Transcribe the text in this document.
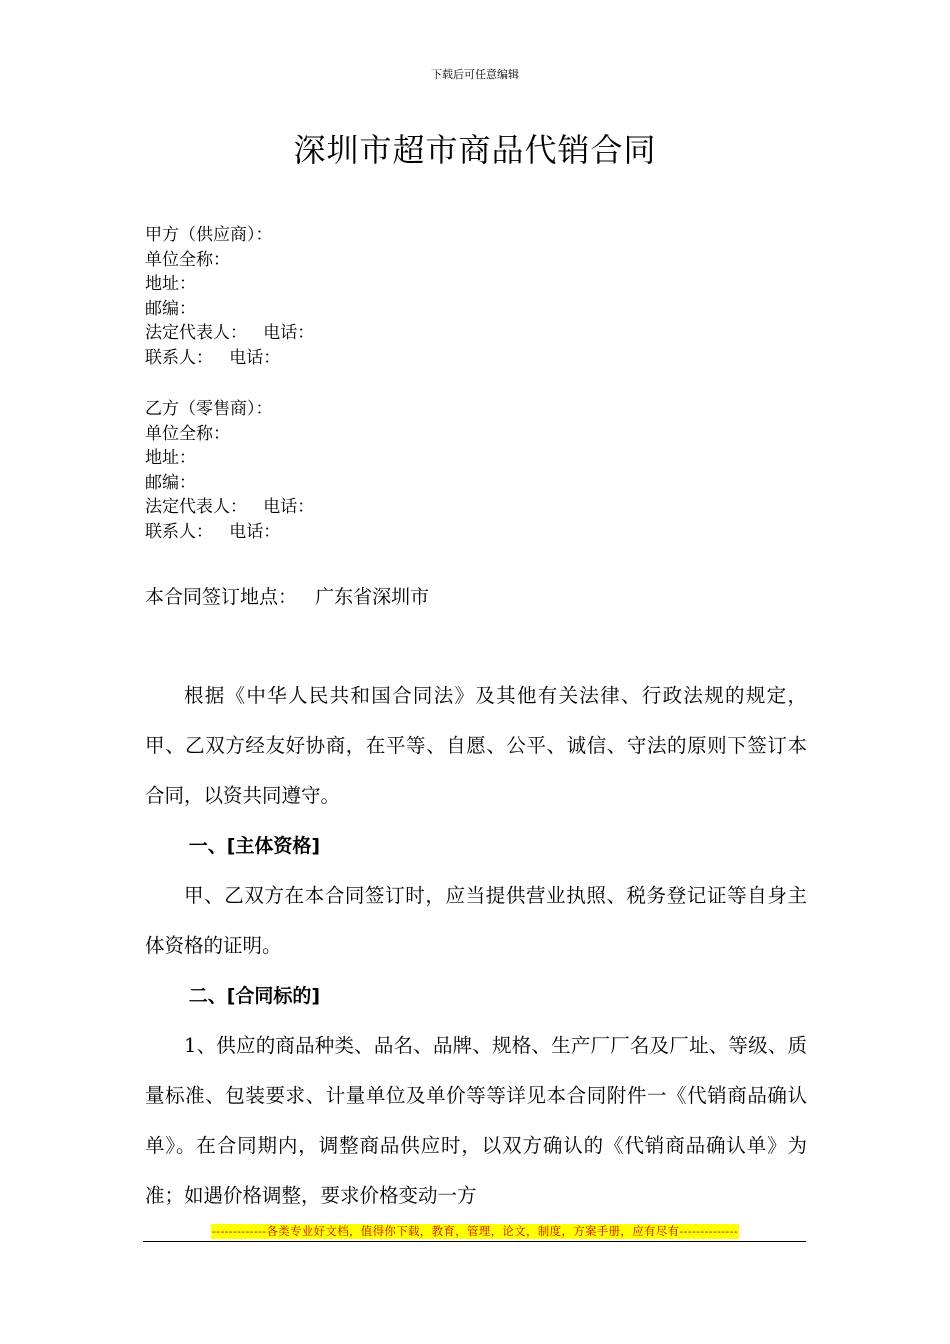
下载后可任意编辑
深圳市超市商品代销合同
甲方（供应商）：
单位全称：
地址：
邮编：
法定代表人：   电话：
联系人：   电话：
乙方（零售商）：
单位全称：
地址：
邮编：
法定代表人：   电话：
联系人：   电话：
本合同签订地点：   广东省深圳市

根据《中华人民共和国合同法》及其他有关法律、行政法规的规定，甲、乙双方经友好协商，在平等、自愿、公平、诚信、守法的原则下签订本合同，以资共同遵守。

一、[主体资格]

甲、乙双方在本合同签订时，应当提供营业执照、税务登记证等自身主体资格的证明。

二、[合同标的]

1、供应的商品种类、品名、品牌、规格、生产厂厂名及厂址、等级、质量标准、包装要求、计量单位及单价等等详见本合同附件一《代销商品确认单》。在合同期内，调整商品供应时，以双方确认的《代销商品确认单》为准；如遇价格调整，要求价格变动一方

-------------各类专业好文档，值得你下载，教育，管理，论文，制度，方案手册，应有尽有--------------
